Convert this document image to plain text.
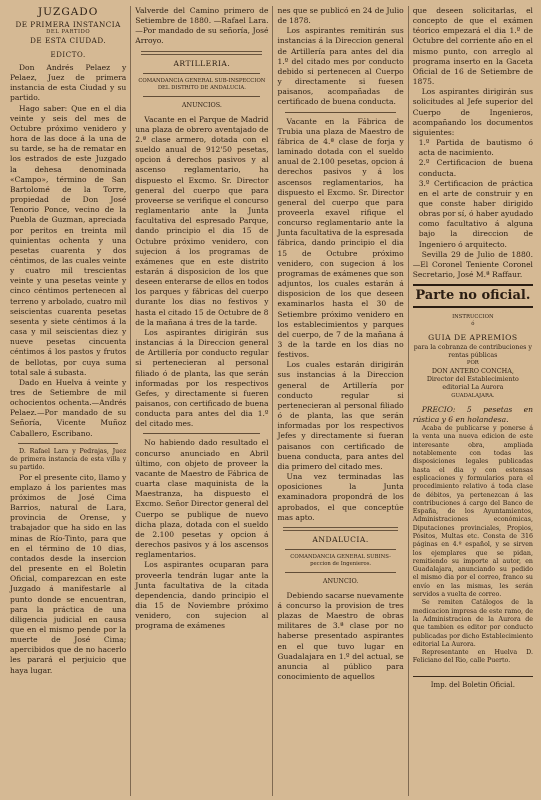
JUZGADO
DE PRIMERA INSTANCIA
DEL PARTIDO
DE ESTA CIUDAD.
EDICTO.

Don Andrés Pelaez y Pelaez, Juez de primera instancia de esta Ciudad y su partido.

Hago saber: Que en el dia veinte y seis del mes de Octubre próximo venidero y hora de las doce á la una de su tarde, se ha de rematar en los estrados de este Juzgado la dehesa denominada «Campo», término de San Bartolomé de la Torre, propiedad de Don José Tenorio Ponce, vecino de la Puebla de Guzman, apreciada por peritos en treinta mil quinientas ochenta y una pesetas cuarenta y dos céntimos, de las cuales veinte y cuatro mil trescientas veinte y una pesetas veinte y cinco céntimos pertenecen al terreno y arbolado, cuatro mil seiscientas cuarenta pesetas sesenta y siete céntimos á la casa y mil seiscientas diez y nueve pesetas cincuenta céntimos á los pastos y frutos de bellotas, por cuya suma total sale á subasta.

Dado en Huelva á veinte y tres de Setiembre de mil ochocientos ochenta.—Andrés Pelaez.—Por mandado de su Señoría, Vicente Muñoz Caballero, Escribano.

D. Rafael Lara y Pedrajas, Juez de primera instancia de esta villa y su partido.

Por el presente cito, llamo y emplazo á los parientes mas próximos de José Cima Barrios, natural de Lara, provincia de Orense, y trabajador que ha sido en las minas de Río-Tinto, para que en el término de 10 dias, contados desde la insercion del presente en el Boletin Oficial, comparezcan en este Juzgado á manifestarle al punto donde se encuentran, para la práctica de una diligencia judicial en causa que en el mismo pende por la muerte de José Cima; apercibidos que de no hacerlo les parará el perjuicio que haya lugar.

Valverde del Camino primero de Setiembre de 1880. —Rafael Lara.—Por mandado de su señoría, José Arroyo.

ARTILLERIA.
COMANDANCIA GENERAL SUB-INSPECCION DEL DISTRITO DE ANDALUCIA.
ANUNCIOS.

Vacante en el Parque de Madrid una plaza de obrero aventajado de 2.ª clase armero, dotada con el sueldo anual de 912'50 pesetas, opcion á derechos pasivos y al ascenso reglamentario, ha dispuesto el Excmo. Sr. Director general del cuerpo que para proveerse se verifique el concurso reglamentario ante la Junta facultativa del espresado Parque, dando principio el dia 15 de Octubre próximo venidero, con sujecion á los programas de exámenes que en este distrito estarán á disposicion de los que deseen enterarse de ellos en todos los parques y fábricas del cuerpo durante los dias no festivos y hasta el citado 15 de Octubre de 8 de la mañana á tres de la tarde.

Los aspirantes dirigirán sus instancias á la Direccion general de Artillería por conducto regular si pertenecieran al personal filiado ó de planta, las que serán informadas por los respectivos Gefes, y directamente si fueren paisanos, con certificado de buena conducta para antes del dia 1.º del citado mes.

No habiendo dado resultado el concurso anunciado en Abril último, con objeto de proveer la vacante de Maestro de Fábrica de cuarta clase maquinista de la Maestranza, ha dispuesto el Excmo. Señor Director general del Cuerpo se publique de nuevo dicha plaza, dotada con el sueldo de 2.100 pesetas y opcion á derechos pasivos y á los ascensos reglamentarios.

Los aspirantes ocuparan para proveerla tendrán lugar ante la Junta facultativa de la citada dependencia, dando principio el dia 15 de Noviembre próximo venidero, con sujecion al programa de exámenes

nes que se publicó en 24 de Julio de 1878.

Los aspirantes remitirán sus instancias á la Direccion general de Artillería para antes del dia 1.º del citado mes por conducto debido si pertenecen al Cuerpo y directamente si fuesen paisanos, acompañadas de certificado de buena conducta.

Vacante en la Fábrica de Trubia una plaza de Maestro de fábrica de 4.ª clase de forja y laminado dotada con el sueldo anual de 2.100 pesetas, opcion á derechos pasivos y á los ascensos reglamentarios, ha dispuesto el Excmo. Sr. Director general del cuerpo que para proveerla exavel rifique el concurso reglamentario ante la Junta facultativa de la espresada fábrica, dando principio el dia 15 de Octubre próximo venidero, con sugecion á los programas de exámenes que son adjuntos, los cuales estarán á disposicion de los que deseen examinarlos hasta el 30 de Setiembre próximo venidero en los establecimientos y parques del cuerpo, de 7 de la mañana á 3 de la tarde en los dias no festivos.

Los cuales estarán dirigirán sus instancias á la Direccion general de Artillería por conducto regular si pertenecieran al personal filiado ó de planta, las que serán informadas por los respectivos Jefes y directamente si fueran paisanos con certificado de buena conducta, para antes del dia primero del citado mes.

Una vez terminadas las oposiciones la Junta examinadora propondrá de los aprobados, el que conceptúe mas apto.

ANDALUCIA.
COMANDANCIA GENERAL SUBINS-
peccion de Ingenieros.
ANUNCIO.

Debiendo sacarse nuevamente á concurso la provision de tres plazas de Maestro de obras militares de 3.ª clase por no haberse presentado aspirantes en el que tuvo lugar en Guadalajara en 1.º del actual, se anuncia al público para conocimiento de aquellos

que deseen solicitarlas, el concepto de que el exámen téorico empezará el dia 1.º de Octubre del corriente año en el mismo punto, con arreglo al programa inserto en la Gaceta Oficial de 16 de Setiembre de 1875.

Los aspirantes dirigirán sus solicitudes al Jefe superior del Cuerpo de Ingenieros, acompañando los documentos siguientes:

1.º Partida de bautismo ó acta de nacimiento.

2.º Certificacion de buena conducta.

3.º Certificacion de práctica en el arte de construir y en que conste haber dirigido obras por sí, ó haber ayudado como facultativo á alguna bajo la direccion de Ingeniero ó arquitecto.

Sevilla 29 de Julio de 1880. —El Coronel Teniente Coronel Secretario, José M.ª Raffaur.

Parte no oficial.
INSTRUCCION
ó
GUIA DE APREMIOS

para la cobranza de contribuciones y rentas públicas

POR
DON ANTERO CONCHA,

Director del Establecimiento editorial La Aurora

GUADALAJARA.

PRECIO: 5 pesetas en rústica y 6 en holandesa.

Acaba de publicarse y ponerse á la venta una nueva edicion de este interesante obra, ampliada notablemente con todas las disposiciones legales publicadas hasta el dia y con estensas esplicaciones y formularios para el procedimiento relativo á toda clase de débitos, ya pertenezcan á las contribuciones á cargo del Banco de España, de los Ayuntamientos, Administraciones económicas, Diputaciones provinciales, Propios, Pósitos, Multas etc. Consta de 316 páginas en 4.º español, y se sirven los ejemplares que se pidan, remitiendo su importe al autor, en Guadalajara, anunciando su pedido el mismo dia por el correo, franco su envío en las mismas, les serán servidos a vuelta de correo.

Se remiten Catálogos de la medicacion impresa de este ramo, de la Administracion de la Aurora de que tambien es editor por conducto publicadas por dicho Establecimiento editorial La Aurora.

Representante en Huelva D. Feliciano del Rio, calle Puerto.

Imp. del Boletin Oficial.
